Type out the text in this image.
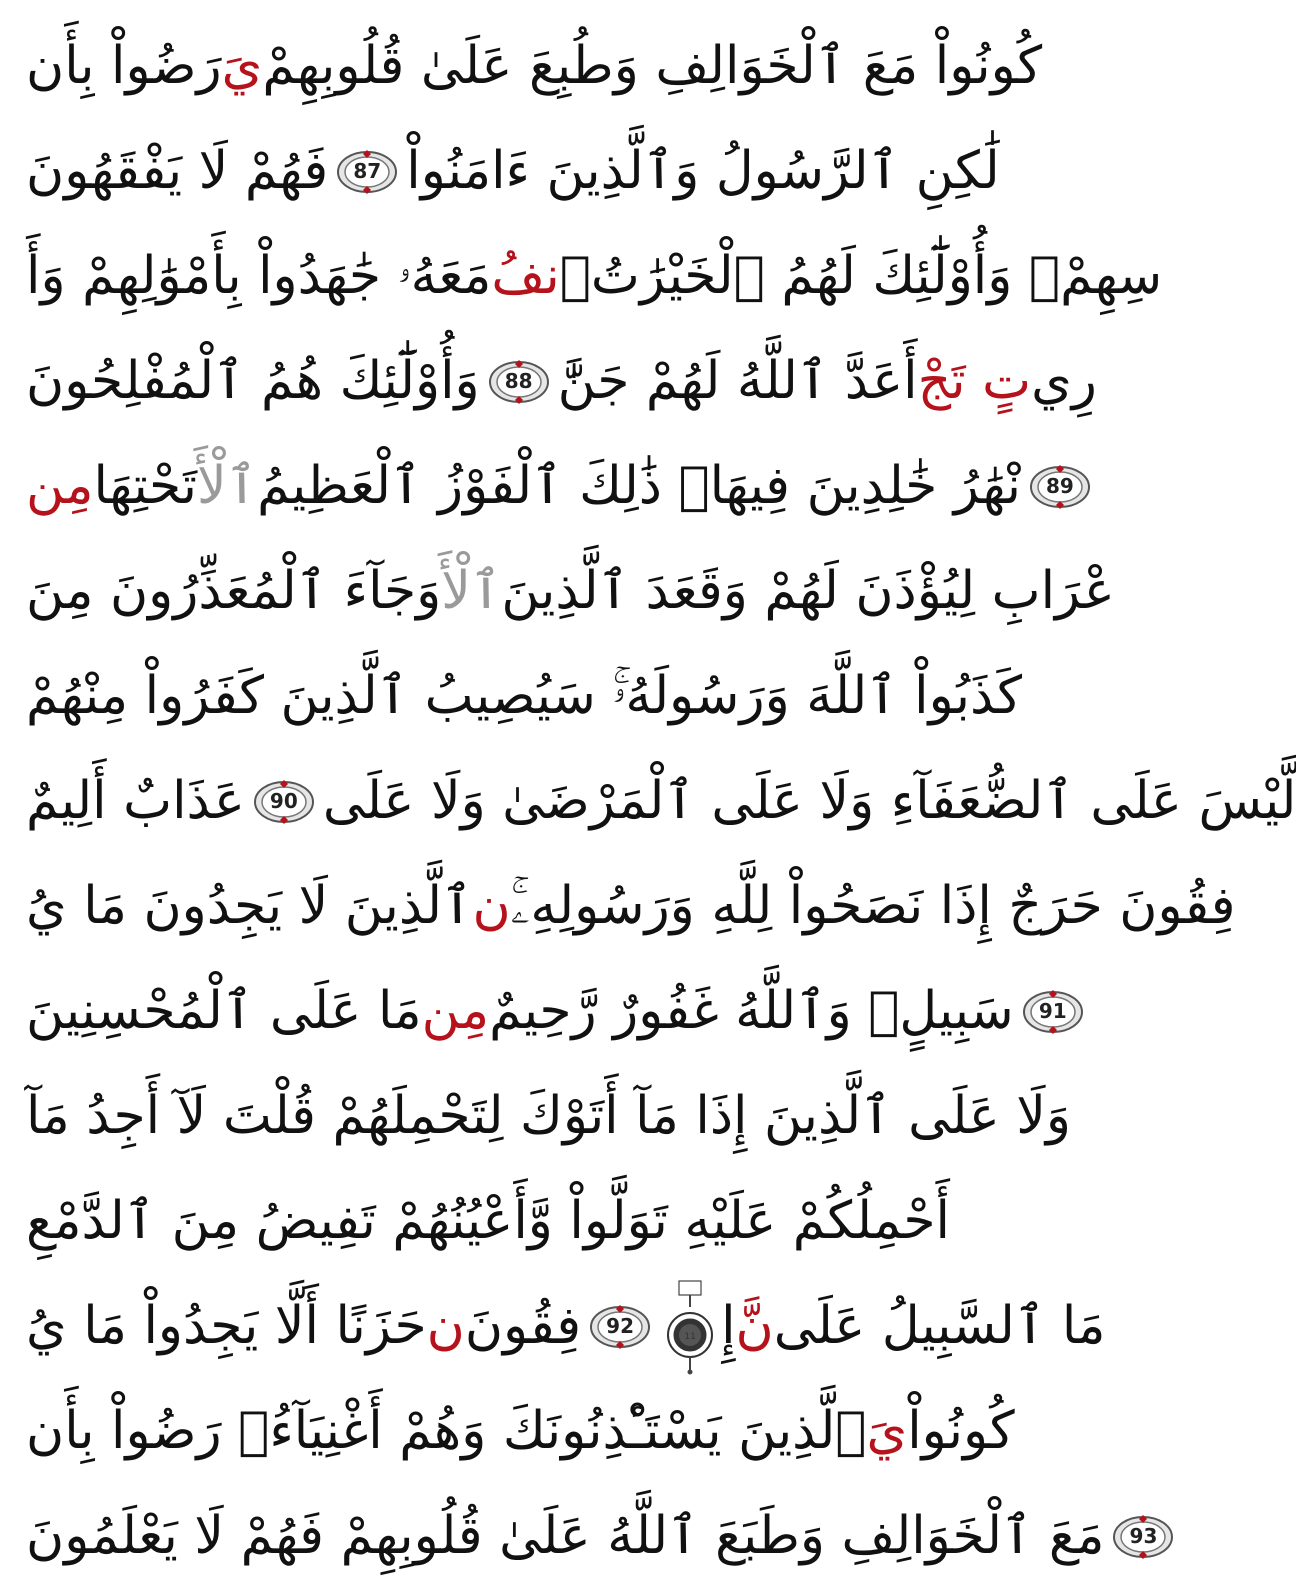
رَضُواْ بِأَن يَ كُونُواْ مَعَ ٱلْخَوَالِفِ وَطُبِعَ عَلَىٰ قُلُوبِهِمْ
فَهُمْ لَا يَفْقَهُونَ 87 لَٰكِنِ ٱلرَّسُولُ وَٱلَّذِينَ ءَامَنُواْ
مَعَهُۥ جَٰهَدُواْ بِأَمْوَٰلِهِمْ وَأَ نفُ سِهِمْۚ وَأُوْلَٰٓئِكَ لَهُمُ ٱلْخَيْرَٰتُۖ
وَأُوْلَٰٓئِكَ هُمُ ٱلْمُفْلِحُونَ 88 أَعَدَّ ٱللَّهُ لَهُمْ جَنَّٰ تٍ تَجْ رِي
مِن تَحْتِهَا ٱلْأَ نْهَٰرُ خَٰلِدِينَ فِيهَاۚ ذَٰلِكَ ٱلْفَوْزُ ٱلْعَظِيمُ 89
وَجَآءَ ٱلْمُعَذِّرُونَ مِنَ ٱلْأَ عْرَابِ لِيُؤْذَنَ لَهُمْ وَقَعَدَ ٱلَّذِينَ
كَذَبُواْ ٱللَّهَ وَرَسُولَهُۥۚ سَيُصِيبُ ٱلَّذِينَ كَفَرُواْ مِنْهُمْ
عَذَابٌ أَلِيمٌ 90 لَّيْسَ عَلَى ٱلضُّعَفَآءِ وَلَا عَلَى ٱلْمَرْضَىٰ وَلَا عَلَى
ٱلَّذِينَ لَا يَجِدُونَ مَا يُ ن فِقُونَ حَرَجٌ إِذَا نَصَحُواْ لِلَّهِ وَرَسُولِهِۦۚ
مَا عَلَى ٱلْمُحْسِنِينَ مِن سَبِيلٍۚ وَٱللَّهُ غَفُورٌ رَّحِيمٌ 91
وَلَا عَلَى ٱلَّذِينَ إِذَا مَآ أَتَوْكَ لِتَحْمِلَهُمْ قُلْتَ لَآ أَجِدُ مَآ
أَحْمِلُكُمْ عَلَيْهِ تَوَلَّواْ وَّأَعْيُنُهُمْ تَفِيضُ مِنَ ٱلدَّمْعِ
حَزَنًا أَلَّا يَجِدُواْ مَا يُ ن فِقُونَ 92	11
21
إِ نَّ مَا ٱلسَّبِيلُ عَلَى
ٱلَّذِينَ يَسْتَـْٔذِنُونَكَ وَهُمْ أَغْنِيَآءُۚ رَضُواْ بِأَن يَ كُونُواْ
مَعَ ٱلْخَوَالِفِ وَطَبَعَ ٱللَّهُ عَلَىٰ قُلُوبِهِمْ فَهُمْ لَا يَعْلَمُونَ 93
